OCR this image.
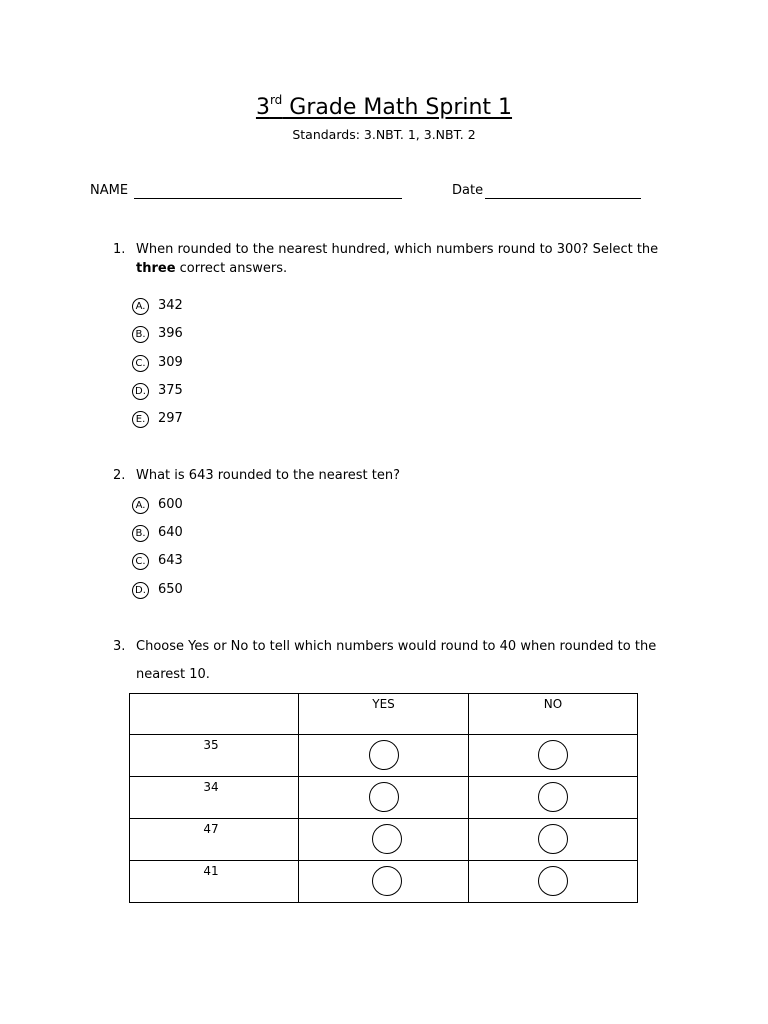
3rd Grade Math Sprint 1
Standards: 3.NBT. 1, 3.NBT. 2
NAME	Date
1. When rounded to the nearest hundred, which numbers round to 300? Select the three correct answers.
A. 342
B. 396
C. 309
D. 375
E. 297
2. What is 643 rounded to the nearest ten?
A. 600
B. 640
C. 643
D. 650
3. Choose Yes or No to tell which numbers would round to 40 when rounded to the
nearest 10.
	YES	NO
35	

34	

47	

41	
